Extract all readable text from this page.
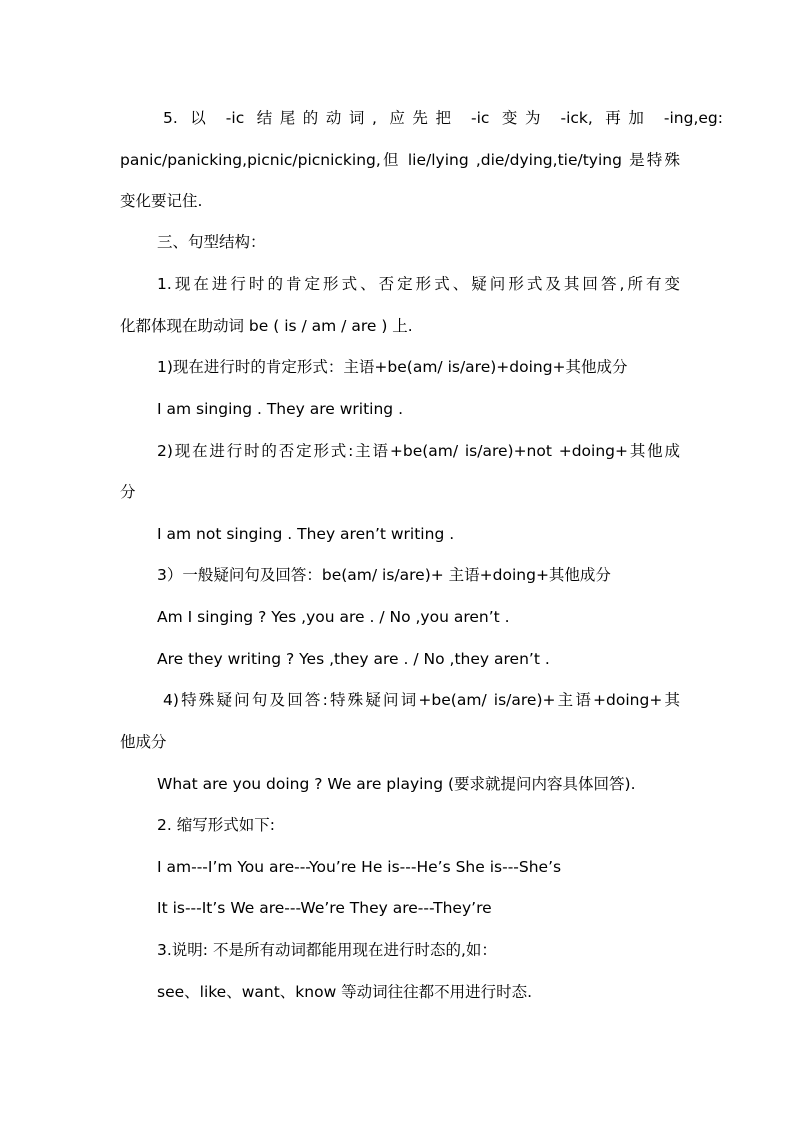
5. 以 -ic 结尾的动词, 应先把 -ic 变为 -ick, 再加 -ing,eg:
panic/panicking,picnic/picnicking,但 lie/lying ,die/dying,tie/tying 是特殊
变化要记住.
三、句型结构：
1.现在进行时的肯定形式、否定形式、疑问形式及其回答,所有变
化都体现在助动词 be ( is / am / are ) 上.
1)现在进行时的肯定形式：主语+be(am/ is/are)+doing+其他成分
I am singing . They are writing .
2)现在进行时的否定形式:主语+be(am/ is/are)+not +doing+其他成
分
I am not singing . They aren’t writing .
3）一般疑问句及回答：be(am/ is/are)+ 主语+doing+其他成分
Am I singing ? Yes ,you are . / No ,you aren’t .
Are they writing ? Yes ,they are . / No ,they aren’t .
4)特殊疑问句及回答:特殊疑问词+be(am/ is/are)+主语+doing+其
他成分
What are you doing ? We are playing (要求就提问内容具体回答).
2. 缩写形式如下:
I am---I’m You are---You’re He is---He’s She is---She’s
It is---It’s We are---We’re They are---They’re
3.说明: 不是所有动词都能用现在进行时态的,如：
see、like、want、know 等动词往往都不用进行时态.
